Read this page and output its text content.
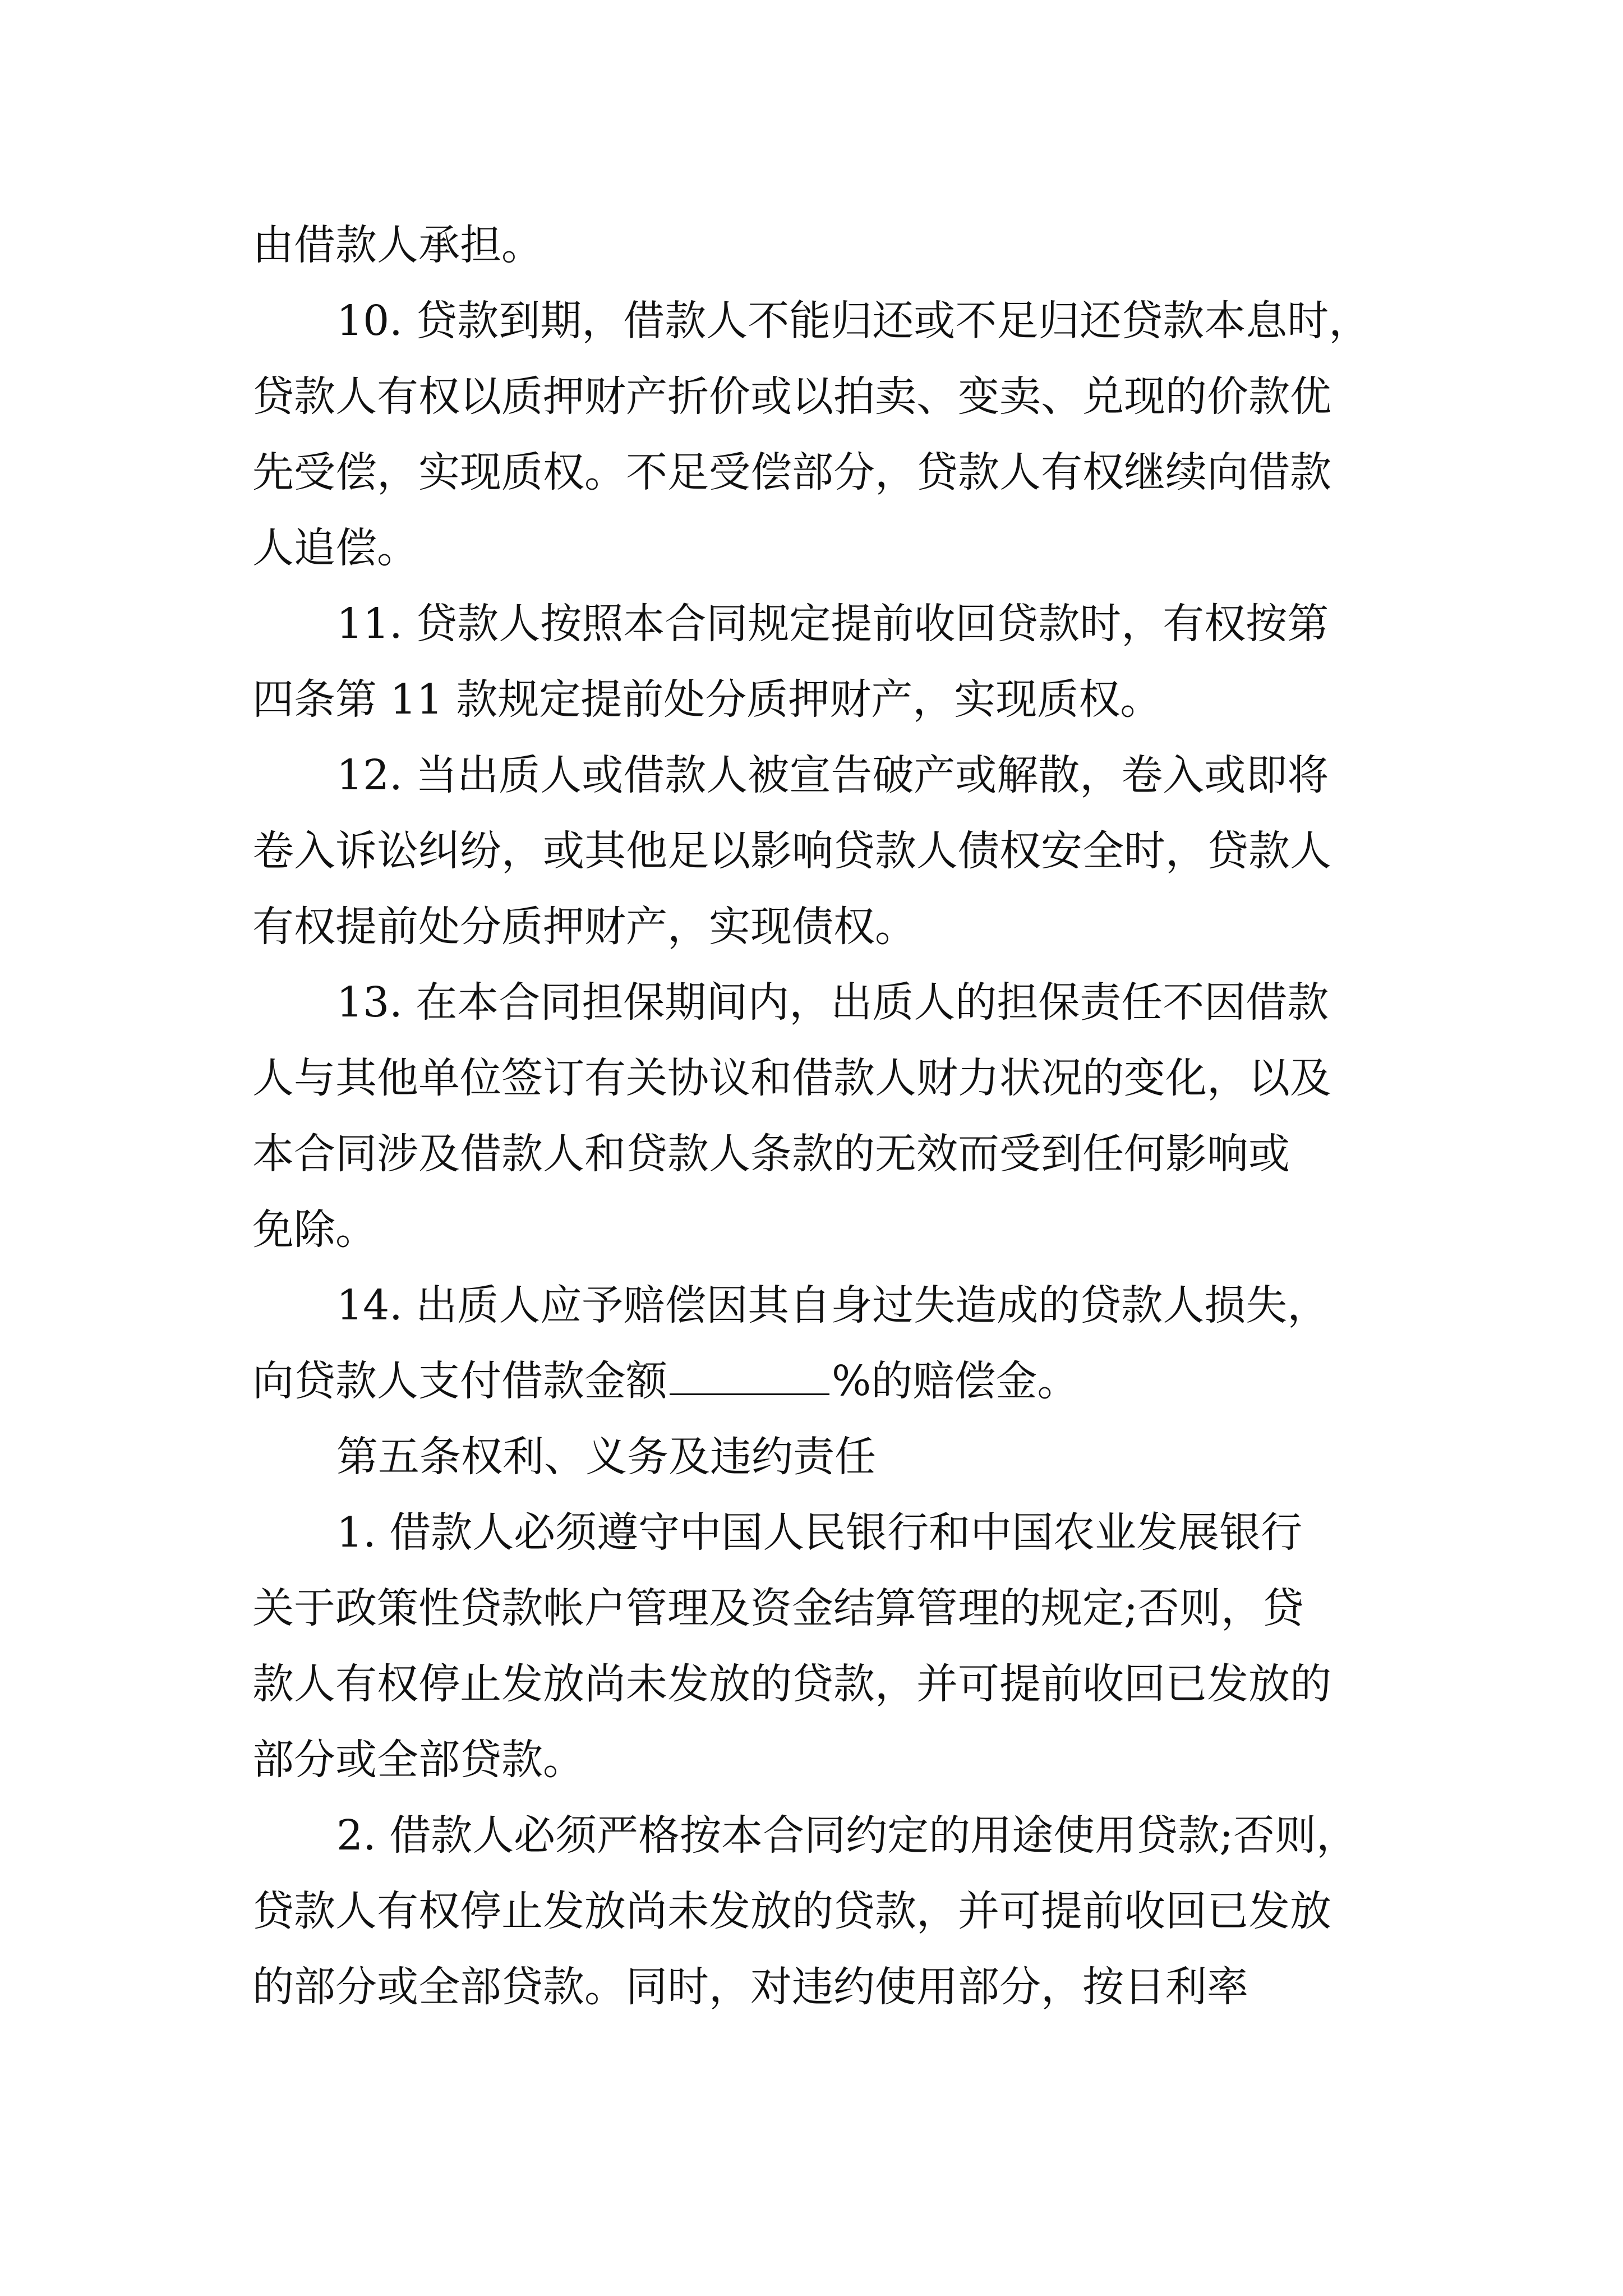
由借款人承担。
10. 贷款到期，借款人不能归还或不足归还贷款本息时，
贷款人有权以质押财产折价或以拍卖、变卖、兑现的价款优
先受偿，实现质权。不足受偿部分，贷款人有权继续向借款
人追偿。
11. 贷款人按照本合同规定提前收回贷款时，有权按第
四条第 11 款规定提前处分质押财产，实现质权。
12. 当出质人或借款人被宣告破产或解散，卷入或即将
卷入诉讼纠纷，或其他足以影响贷款人债权安全时，贷款人
有权提前处分质押财产，实现债权。
13. 在本合同担保期间内，出质人的担保责任不因借款
人与其他单位签订有关协议和借款人财力状况的变化，以及
本合同涉及借款人和贷款人条款的无效而受到任何影响或
免除。
14. 出质人应予赔偿因其自身过失造成的贷款人损失，
向贷款人支付借款金额	%的赔偿金。
第五条权利、义务及违约责任
1. 借款人必须遵守中国人民银行和中国农业发展银行
关于政策性贷款帐户管理及资金结算管理的规定;否则，贷
款人有权停止发放尚未发放的贷款，并可提前收回已发放的
部分或全部贷款。
2. 借款人必须严格按本合同约定的用途使用贷款;否则，
贷款人有权停止发放尚未发放的贷款，并可提前收回已发放
的部分或全部贷款。同时，对违约使用部分，按日利率
